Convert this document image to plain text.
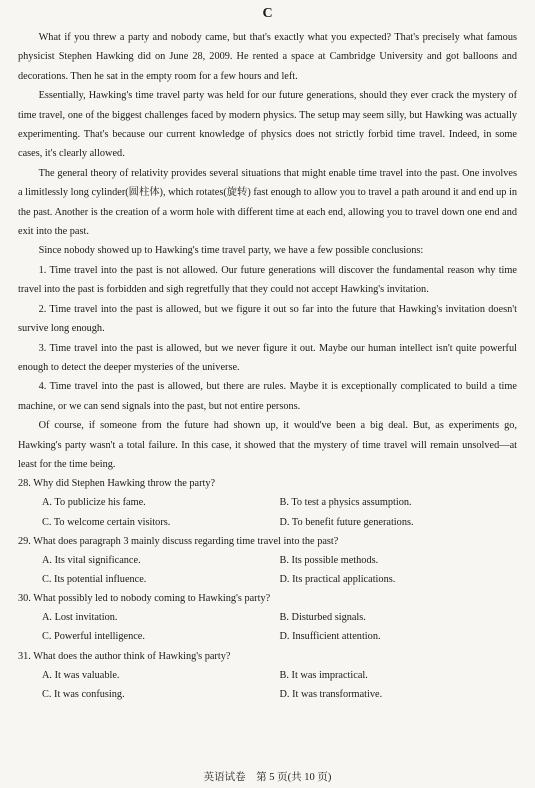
C

What if you threw a party and nobody came, but that's exactly what you expected? That's precisely what famous physicist Stephen Hawking did on June 28, 2009. He rented a space at Cambridge University and got balloons and decorations. Then he sat in the empty room for a few hours and left.

Essentially, Hawking's time travel party was held for our future generations, should they ever crack the mystery of time travel, one of the biggest challenges faced by modern physics. The setup may seem silly, but Hawking was actually experimenting. That's because our current knowledge of physics does not strictly forbid time travel. Indeed, in some cases, it's clearly allowed.

The general theory of relativity provides several situations that might enable time travel into the past. One involves a limitlessly long cylinder(圆柱体), which rotates(旋转) fast enough to allow you to travel a path around it and end up in the past. Another is the creation of a worm hole with different time at each end, allowing you to travel down one end and exit into the past.

Since nobody showed up to Hawking's time travel party, we have a few possible conclusions:

1. Time travel into the past is not allowed. Our future generations will discover the fundamental reason why time travel into the past is forbidden and sigh regretfully that they could not accept Hawking's invitation.

2. Time travel into the past is allowed, but we figure it out so far into the future that Hawking's invitation doesn't survive long enough.

3. Time travel into the past is allowed, but we never figure it out. Maybe our human intellect isn't quite powerful enough to detect the deeper mysteries of the universe.

4. Time travel into the past is allowed, but there are rules. Maybe it is exceptionally complicated to build a time machine, or we can send signals into the past, but not entire persons.

Of course, if someone from the future had shown up, it would've been a big deal. But, as experiments go, Hawking's party wasn't a total failure. In this case, it showed that the mystery of time travel will remain unsolved—at least for the time being.

28. Why did Stephen Hawking throw the party?

A. To publicize his fame.	B. To test a physics assumption.
C. To welcome certain visitors.	D. To benefit future generations.

29. What does paragraph 3 mainly discuss regarding time travel into the past?

A. Its vital significance.	B. Its possible methods.
C. Its potential influence.	D. Its practical applications.

30. What possibly led to nobody coming to Hawking's party?

A. Lost invitation.	B. Disturbed signals.
C. Powerful intelligence.	D. Insufficient attention.

31. What does the author think of Hawking's party?

A. It was valuable.	B. It was impractical.
C. It was confusing.	D. It was transformative.
英语试卷　第 5 页(共 10 页)
